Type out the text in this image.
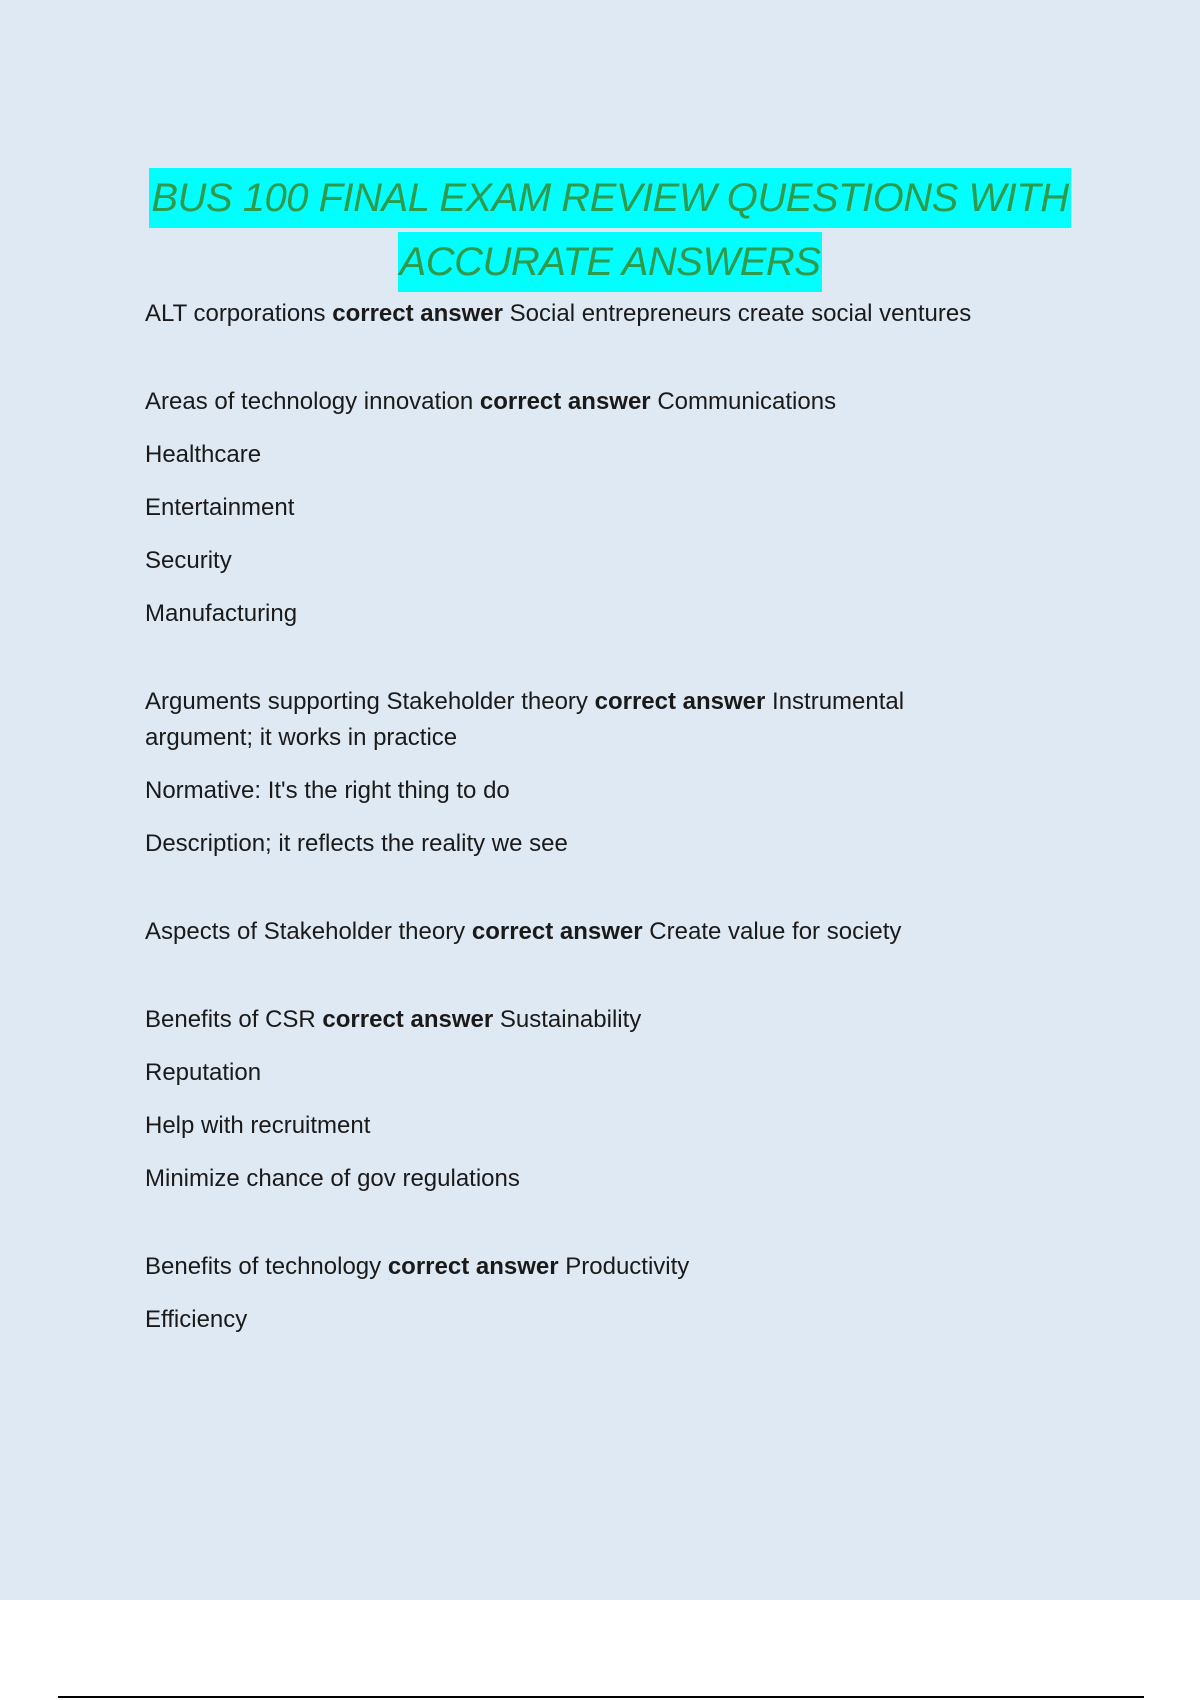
BUS 100 FINAL EXAM REVIEW QUESTIONS WITH
ACCURATE ANSWERS

ALT corporations correct answer Social entrepreneurs create social ventures

Areas of technology innovation correct answer Communications

Healthcare

Entertainment

Security

Manufacturing

Arguments supporting Stakeholder theory correct answer Instrumental argument; it works in practice

Normative: It's the right thing to do

Description; it reflects the reality we see

Aspects of Stakeholder theory correct answer Create value for society

Benefits of CSR correct answer Sustainability

Reputation

Help with recruitment

Minimize chance of gov regulations

Benefits of technology correct answer Productivity

Efficiency
